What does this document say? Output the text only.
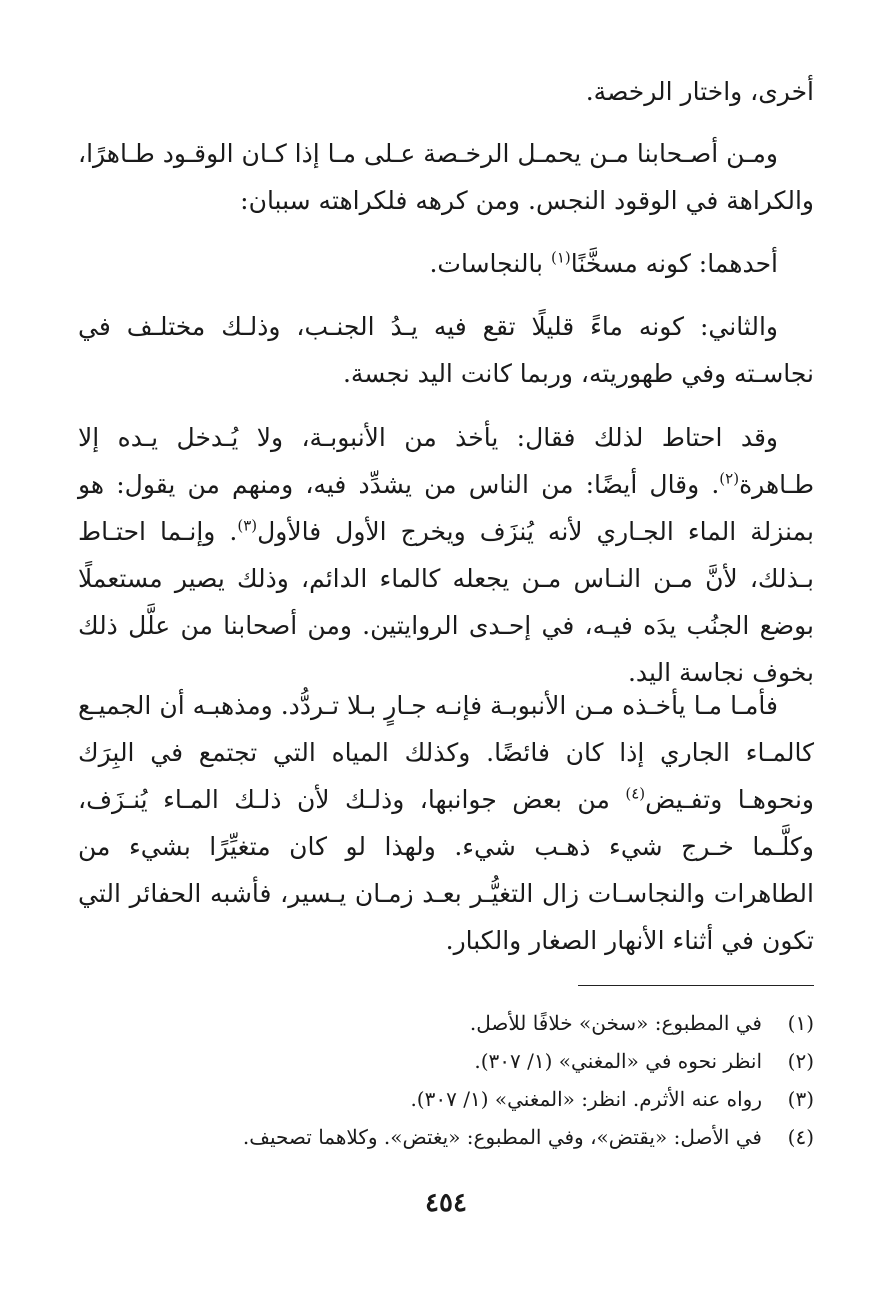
أخرى، واختار الرخصة.

ومـن أصـحابنا مـن يحمـل الرخـصة عـلى مـا إذا كـان الوقـود طـاهرًا، والكراهة في الوقود النجس. ومن كرهه فلكراهته سببان:

أحدهما: كونه مسخَّنًا$^{(١)}$ بالنجاسات.

والثاني: كونه ماءً قليلًا تقع فيه يـدُ الجنـب، وذلـك مختلـف في نجاسـته وفي طهوريته، وربما كانت اليد نجسة.

وقد احتاط لذلك فقال: يأخذ من الأنبوبـة، ولا يُـدخل يـده إلا طـاهرة$^{(٢)}$. وقال أيضًا: من الناس من يشدِّد فيه، ومنهم من يقول: هو بمنزلة الماء الجـاري لأنه يُنزَف ويخرج الأول فالأول$^{(٣)}$. وإنـما احتـاط بـذلك، لأنَّ مـن النـاس مـن يجعله كالماء الدائم، وذلك يصير مستعملًا بوضع الجنُب يدَه فيـه، في إحـدى الروايتين. ومن أصحابنا من علَّل ذلك بخوف نجاسة اليد.

فأمـا مـا يأخـذه مـن الأنبوبـة فإنـه جـارٍ بـلا تـردُّد. ومذهبـه أن الجميـع كالمـاء الجاري إذا كان فائضًا. وكذلك المياه التي تجتمع في البِرَك ونحوهـا وتفـيض$^{(٤)}$ من بعض جوانبها، وذلـك لأن ذلـك المـاء يُنـزَف، وكلَّـما خـرج شيء ذهـب شيء. ولهذا لو كان متغيِّرًا بشيء من الطاهرات والنجاسـات زال التغيُّـر بعـد زمـان يـسير، فأشبه الحفائر التي تكون في أثناء الأنهار الصغار والكبار.

(١)في المطبوع: «سخن» خلافًا للأصل.
(٢)انظر نحوه في «المغني» (١/ ٣٠٧).
(٣)رواه عنه الأثرم. انظر: «المغني» (١/ ٣٠٧).
(٤)في الأصل: «يقتض»، وفي المطبوع: «يغتض». وكلاهما تصحيف.
٤٥٤
